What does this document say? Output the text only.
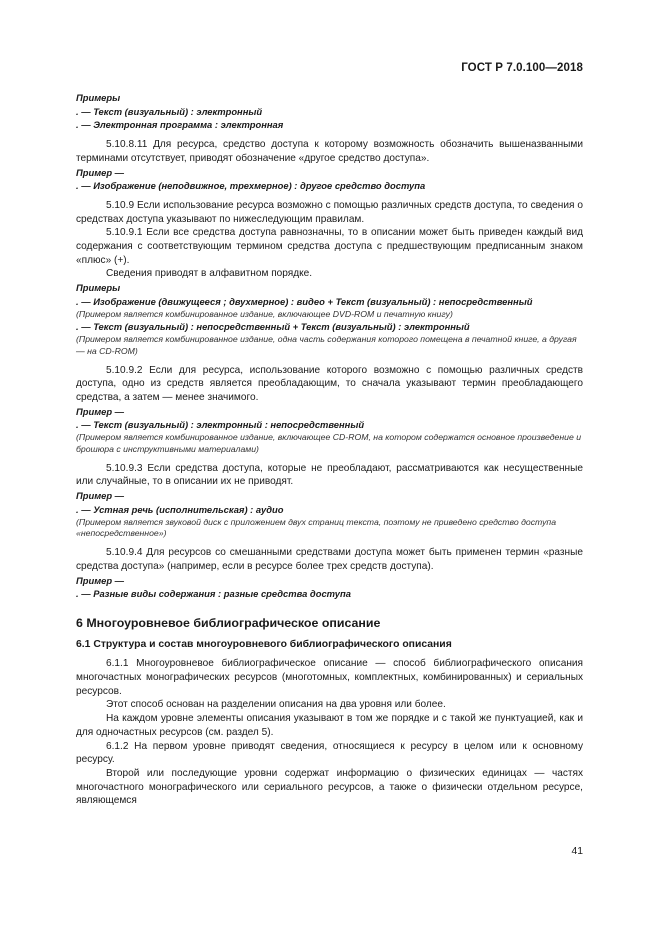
ГОСТ Р 7.0.100—2018

Примеры

. — Текст (визуальный) : электронный

. — Электронная программа : электронная

5.10.8.11 Для ресурса, средство доступа к которому возможность обозначить вышеназванными терминами отсутствует, приводят обозначение «другое средство доступа».

Пример —

. — Изображение (неподвижное, трехмерное) : другое средство доступа

5.10.9 Если использование ресурса возможно с помощью различных средств доступа, то сведения о средствах доступа указывают по нижеследующим правилам.

5.10.9.1 Если все средства доступа равнозначны, то в описании может быть приведен каждый вид содержания с соответствующим термином средства доступа с предшествующим предписанным знаком «плюс» (+).

Сведения приводят в алфавитном порядке.

Примеры

. — Изображение (движущееся ; двухмерное) : видео + Текст (визуальный) : непосредственный

(Примером является комбинированное издание, включающее DVD-ROM и печатную книгу)

. — Текст (визуальный) : непосредственный + Текст (визуальный) : электронный

(Примером является комбинированное издание, одна часть содержания которого помещена в печатной книге, а другая — на CD-ROM)

5.10.9.2 Если для ресурса, использование которого возможно с помощью различных средств доступа, одно из средств является преобладающим, то сначала указывают термин преобладающего средства, а затем — менее значимого.

Пример —

. — Текст (визуальный) : электронный : непосредственный

(Примером является комбинированное издание, включающее CD-ROM, на котором содержатся основное произведение и брошюра с инструктивными материалами)

5.10.9.3 Если средства доступа, которые не преобладают, рассматриваются как несущественные или случайные, то в описании их не приводят.

Пример —

. — Устная речь (исполнительская) : аудио

(Примером является звуковой диск с приложением двух страниц текста, поэтому не приведено средство доступа «непосредственное»)

5.10.9.4 Для ресурсов со смешанными средствами доступа может быть применен термин «разные средства доступа» (например, если в ресурсе более трех средств доступа).

Пример —

. — Разные виды содержания : разные средства доступа

6 Многоуровневое библиографическое описание

6.1 Структура и состав многоуровневого библиографического описания

6.1.1 Многоуровневое библиографическое описание — способ библиографического описания многочастных монографических ресурсов (многотомных, комплектных, комбинированных) и сериальных ресурсов.

Этот способ основан на разделении описания на два уровня или более.

На каждом уровне элементы описания указывают в том же порядке и с такой же пунктуацией, как и для одночастных ресурсов (см. раздел 5).

6.1.2 На первом уровне приводят сведения, относящиеся к ресурсу в целом или к основному ресурсу.

Второй или последующие уровни содержат информацию о физических единицах — частях многочастного монографического или сериального ресурсов, а также о физически отдельном ресурсе, являющемся

41
